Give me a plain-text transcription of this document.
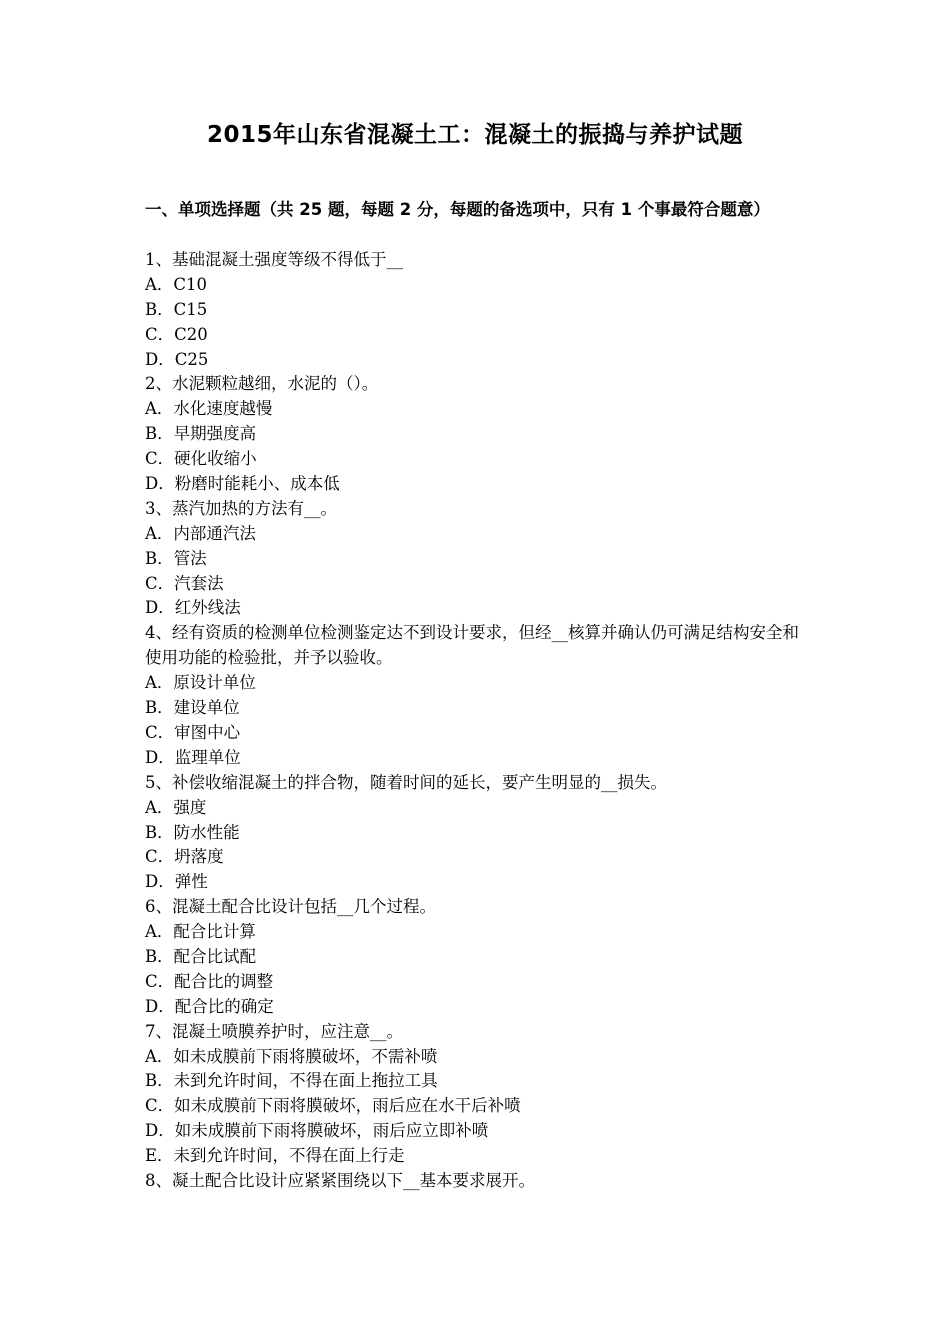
2015年山东省混凝土工：混凝土的振捣与养护试题
一、单项选择题（共 25 题，每题 2 分，每题的备选项中，只有 1 个事最符合题意）
1、基础混凝土强度等级不得低于__
A．C10
B．C15
C．C20
D．C25
2、水泥颗粒越细，水泥的（）。
A．水化速度越慢
B．早期强度高
C．硬化收缩小
D．粉磨时能耗小、成本低
3、蒸汽加热的方法有__。
A．内部通汽法
B．管法
C．汽套法
D．红外线法
4、经有资质的检测单位检测鉴定达不到设计要求，但经__核算并确认仍可满足结构安全和使用功能的检验批，并予以验收。
A．原设计单位
B．建设单位
C．审图中心
D．监理单位
5、补偿收缩混凝土的拌合物，随着时间的延长，要产生明显的__损失。
A．强度
B．防水性能
C．坍落度
D．弹性
6、混凝土配合比设计包括__几个过程。
A．配合比计算
B．配合比试配
C．配合比的调整
D．配合比的确定
7、混凝土喷膜养护时，应注意__。
A．如未成膜前下雨将膜破坏，不需补喷
B．未到允许时间，不得在面上拖拉工具
C．如未成膜前下雨将膜破坏，雨后应在水干后补喷
D．如未成膜前下雨将膜破坏，雨后应立即补喷
E．未到允许时间，不得在面上行走
8、凝土配合比设计应紧紧围绕以下__基本要求展开。
